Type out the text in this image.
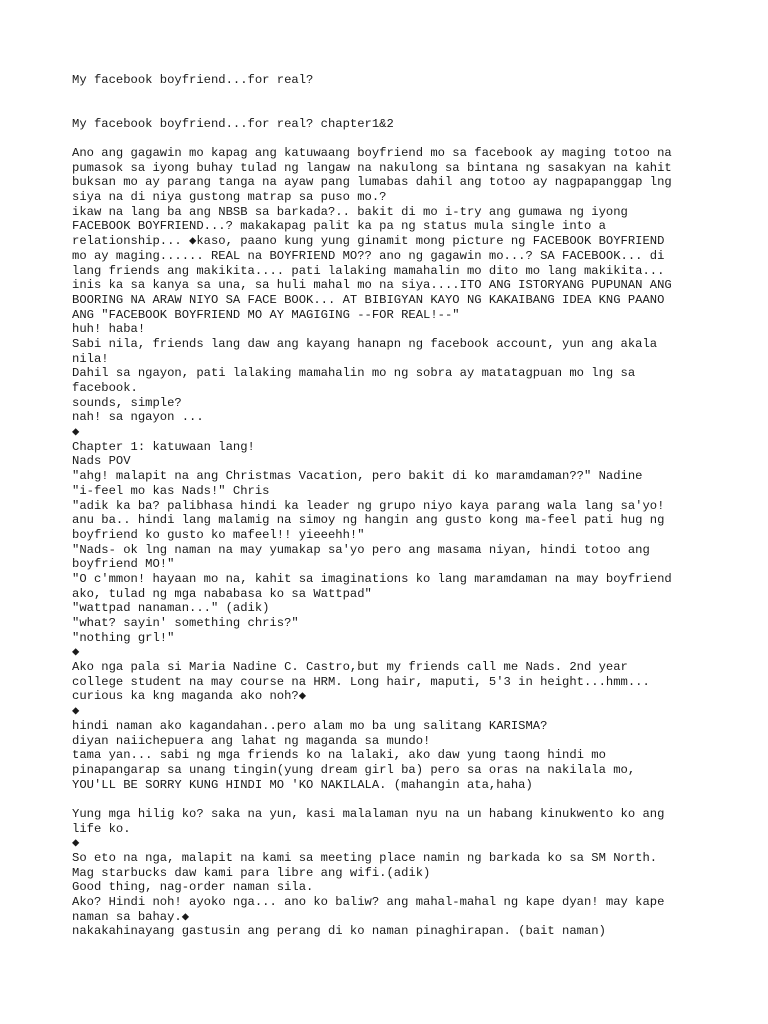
My facebook boyfriend...for real?
My facebook boyfriend...for real? chapter1&2
Ano ang gagawin mo kapag ang katuwaang boyfriend mo sa facebook ay maging totoo na
pumasok sa iyong buhay tulad ng langaw na nakulong sa bintana ng sasakyan na kahit
buksan mo ay parang tanga na ayaw pang lumabas dahil ang totoo ay nagpapanggap lng
siya na di niya gustong matrap sa puso mo.?
ikaw na lang ba ang NBSB sa barkada?.. bakit di mo i-try ang gumawa ng iyong
FACEBOOK BOYFRIEND...? makakapag palit ka pa ng status mula single into a
relationship... ◆kaso, paano kung yung ginamit mong picture ng FACEBOOK BOYFRIEND
mo ay maging...... REAL na BOYFRIEND MO?? ano ng gagawin mo...? SA FACEBOOK... di
lang friends ang makikita.... pati lalaking mamahalin mo dito mo lang makikita...
inis ka sa kanya sa una, sa huli mahal mo na siya....ITO ANG ISTORYANG PUPUNAN ANG
BOORING NA ARAW NIYO SA FACE BOOK... AT BIBIGYAN KAYO NG KAKAIBANG IDEA KNG PAANO
ANG "FACEBOOK BOYFRIEND MO AY MAGIGING --FOR REAL!--"
huh! haba!
Sabi nila, friends lang daw ang kayang hanapn ng facebook account, yun ang akala
nila!
Dahil sa ngayon, pati lalaking mamahalin mo ng sobra ay matatagpuan mo lng sa
facebook.
sounds, simple?
nah! sa ngayon ...
◆
Chapter 1: katuwaan lang!
Nads POV
"ahg! malapit na ang Christmas Vacation, pero bakit di ko maramdaman??" Nadine
"i-feel mo kas Nads!" Chris
"adik ka ba? palibhasa hindi ka leader ng grupo niyo kaya parang wala lang sa'yo!
anu ba.. hindi lang malamig na simoy ng hangin ang gusto kong ma-feel pati hug ng
boyfriend ko gusto ko mafeel!! yieeehh!"
"Nads- ok lng naman na may yumakap sa'yo pero ang masama niyan, hindi totoo ang
boyfriend MO!"
"O c'mmon! hayaan mo na, kahit sa imaginations ko lang maramdaman na may boyfriend
ako, tulad ng mga nababasa ko sa Wattpad"
"wattpad nanaman..." (adik)
"what? sayin' something chris?"
"nothing grl!"
◆
Ako nga pala si Maria Nadine C. Castro,but my friends call me Nads. 2nd year
college student na may course na HRM. Long hair, maputi, 5'3 in height...hmm...
curious ka kng maganda ako noh?◆
◆
hindi naman ako kagandahan..pero alam mo ba ung salitang KARISMA?
diyan naiichepuera ang lahat ng maganda sa mundo!
tama yan... sabi ng mga friends ko na lalaki, ako daw yung taong hindi mo
pinapangarap sa unang tingin(yung dream girl ba) pero sa oras na nakilala mo,
YOU'LL BE SORRY KUNG HINDI MO 'KO NAKILALA. (mahangin ata,haha)
Yung mga hilig ko? saka na yun, kasi malalaman nyu na un habang kinukwento ko ang
life ko.
◆
So eto na nga, malapit na kami sa meeting place namin ng barkada ko sa SM North.
Mag starbucks daw kami para libre ang wifi.(adik)
Good thing, nag-order naman sila.
Ako? Hindi noh! ayoko nga... ano ko baliw? ang mahal-mahal ng kape dyan! may kape
naman sa bahay.◆
nakakahinayang gastusin ang perang di ko naman pinaghirapan. (bait naman)
